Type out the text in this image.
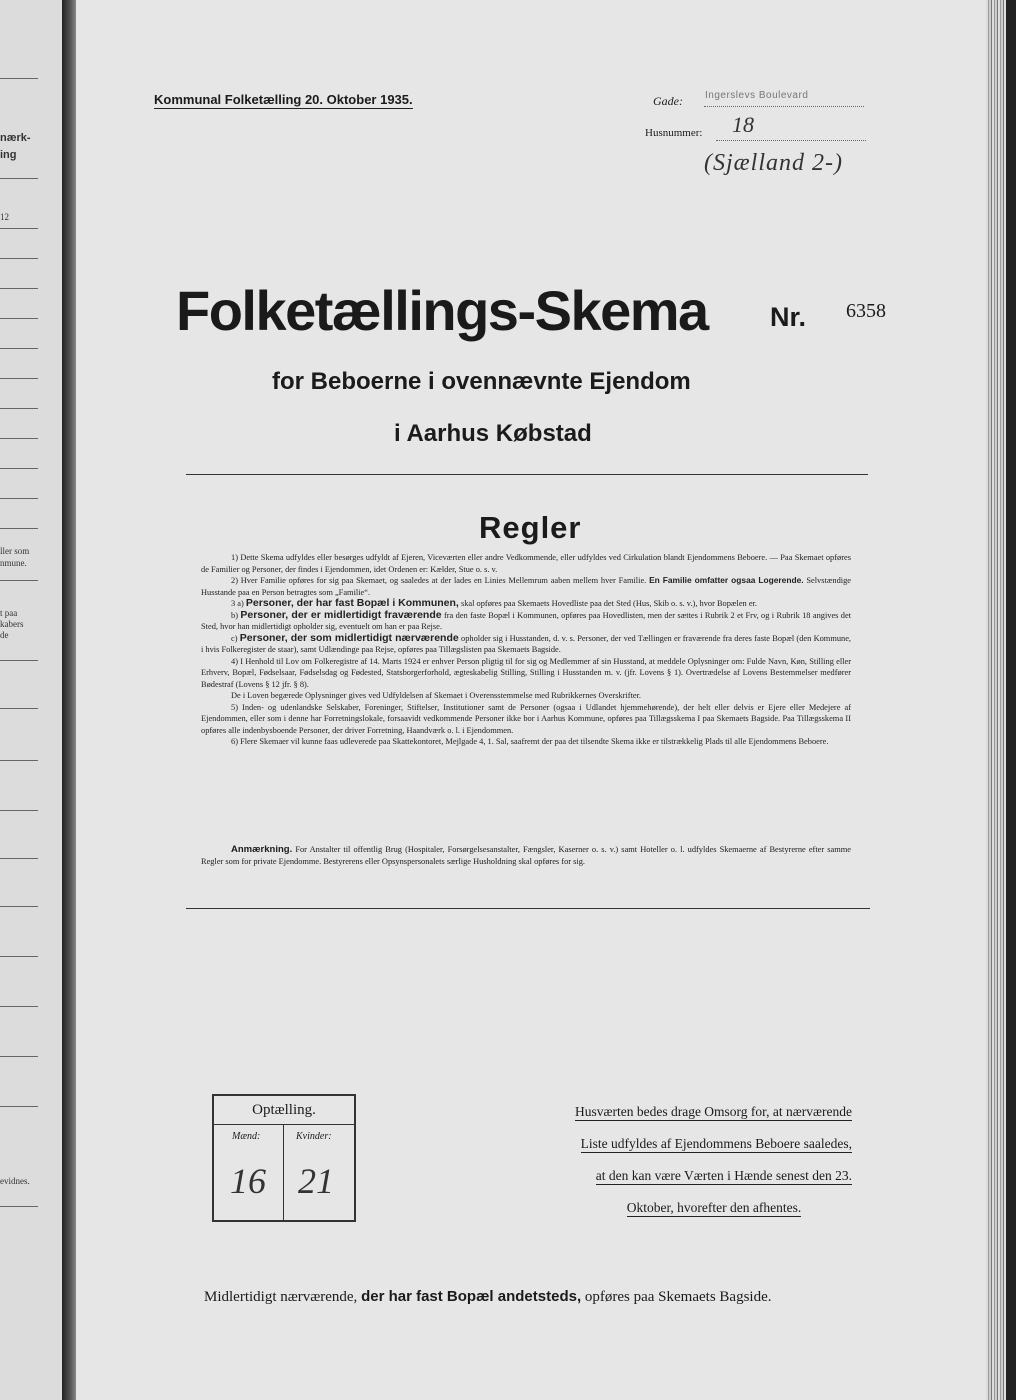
nærk-
ing
12
ller som
nmune.
t paa
kabers
de
evidnes.
Kommunal Folketælling 20. Oktober 1935.	Gade: Ingerslevs Boulevard
Husnummer: 18
(Sjælland 2-)
Folketællings-Skema Nr. 6358
for Beboerne i ovennævnte Ejendom
i Aarhus Købstad
Regler

1) Dette Skema udfyldes eller besørges udfyldt af Ejeren, Viceværten eller andre Vedkommende, eller udfyldes ved Cirkulation blandt Ejendommens Beboere. — Paa Skemaet opføres de Familier og Personer, der findes i Ejendommen, idet Ordenen er: Kælder, Stue o. s. v.

2) Hver Familie opføres for sig paa Skemaet, og saaledes at der lades en Linies Mellemrum aaben mellem hver Familie. En Familie omfatter ogsaa Logerende. Selvstændige Husstande paa en Person betragtes som „Familie“.

3 a) Personer, der har fast Bopæl i Kommunen, skal opføres paa Skemaets Hovedliste paa det Sted (Hus, Skib o. s. v.), hvor Bopælen er.

b) Personer, der er midlertidigt fraværende fra den faste Bopæl i Kommunen, opføres paa Hovedlisten, men der sættes i Rubrik 2 et Frv, og i Rubrik 18 angives det Sted, hvor han midlertidigt opholder sig, eventuelt om han er paa Rejse.

c) Personer, der som midlertidigt nærværende opholder sig i Husstanden, d. v. s. Personer, der ved Tællingen er fraværende fra deres faste Bopæl (den Kommune, i hvis Folkeregister de staar), samt Udlændinge paa Rejse, opføres paa Tillægslisten paa Skemaets Bagside.

4) I Henhold til Lov om Folkeregistre af 14. Marts 1924 er enhver Person pligtig til for sig og Medlemmer af sin Husstand, at meddele Oplysninger om: Fulde Navn, Køn, Stilling eller Erhverv, Bopæl, Fødselsaar, Fødselsdag og Fødested, Statsborgerforhold, ægteskabelig Stilling, Stilling i Husstanden m. v. (jfr. Lovens § 1). Overtrædelse af Lovens Bestemmelser medfører Bødestraf (Lovens § 12 jfr. § 8).

De i Loven begærede Oplysninger gives ved Udfyldelsen af Skemaet i Overensstemmelse med Rubrikkernes Overskrifter.

5) Inden- og udenlandske Selskaber, Foreninger, Stiftelser, Institutioner samt de Personer (ogsaa i Udlandet hjemmehørende), der helt eller delvis er Ejere eller Medejere af Ejendommen, eller som i denne har Forretningslokale, forsaavidt vedkommende Personer ikke bor i Aarhus Kommune, opføres paa Tillægsskema I paa Skemaets Bagside. Paa Tillægsskema II opføres alle indenbysboende Personer, der driver Forretning, Haandværk o. l. i Ejendommen.

6) Flere Skemaer vil kunne faas udleverede paa Skattekontoret, Mejlgade 4, 1. Sal, saafremt der paa det tilsendte Skema ikke er tilstrækkelig Plads til alle Ejendommens Beboere.

Anmærkning. For Anstalter til offentlig Brug (Hospitaler, Forsørgelsesanstalter, Fængsler, Kaserner o. s. v.) samt Hoteller o. l. udfyldes Skemaerne af Bestyrerne efter samme Regler som for private Ejendomme. Bestyrerens eller Opsynspersonalets særlige Husholdning skal opføres for sig.
Optælling.
Mænd:	Kvinder:
16 21
Husværten bedes drage Omsorg for, at nærværende
Liste udfyldes af Ejendommens Beboere saaledes,
at den kan være Værten i Hænde senest den 23.
Oktober, hvorefter den afhentes.
Midlertidigt nærværende, der har fast Bopæl andetsteds, opføres paa Skemaets Bagside.
